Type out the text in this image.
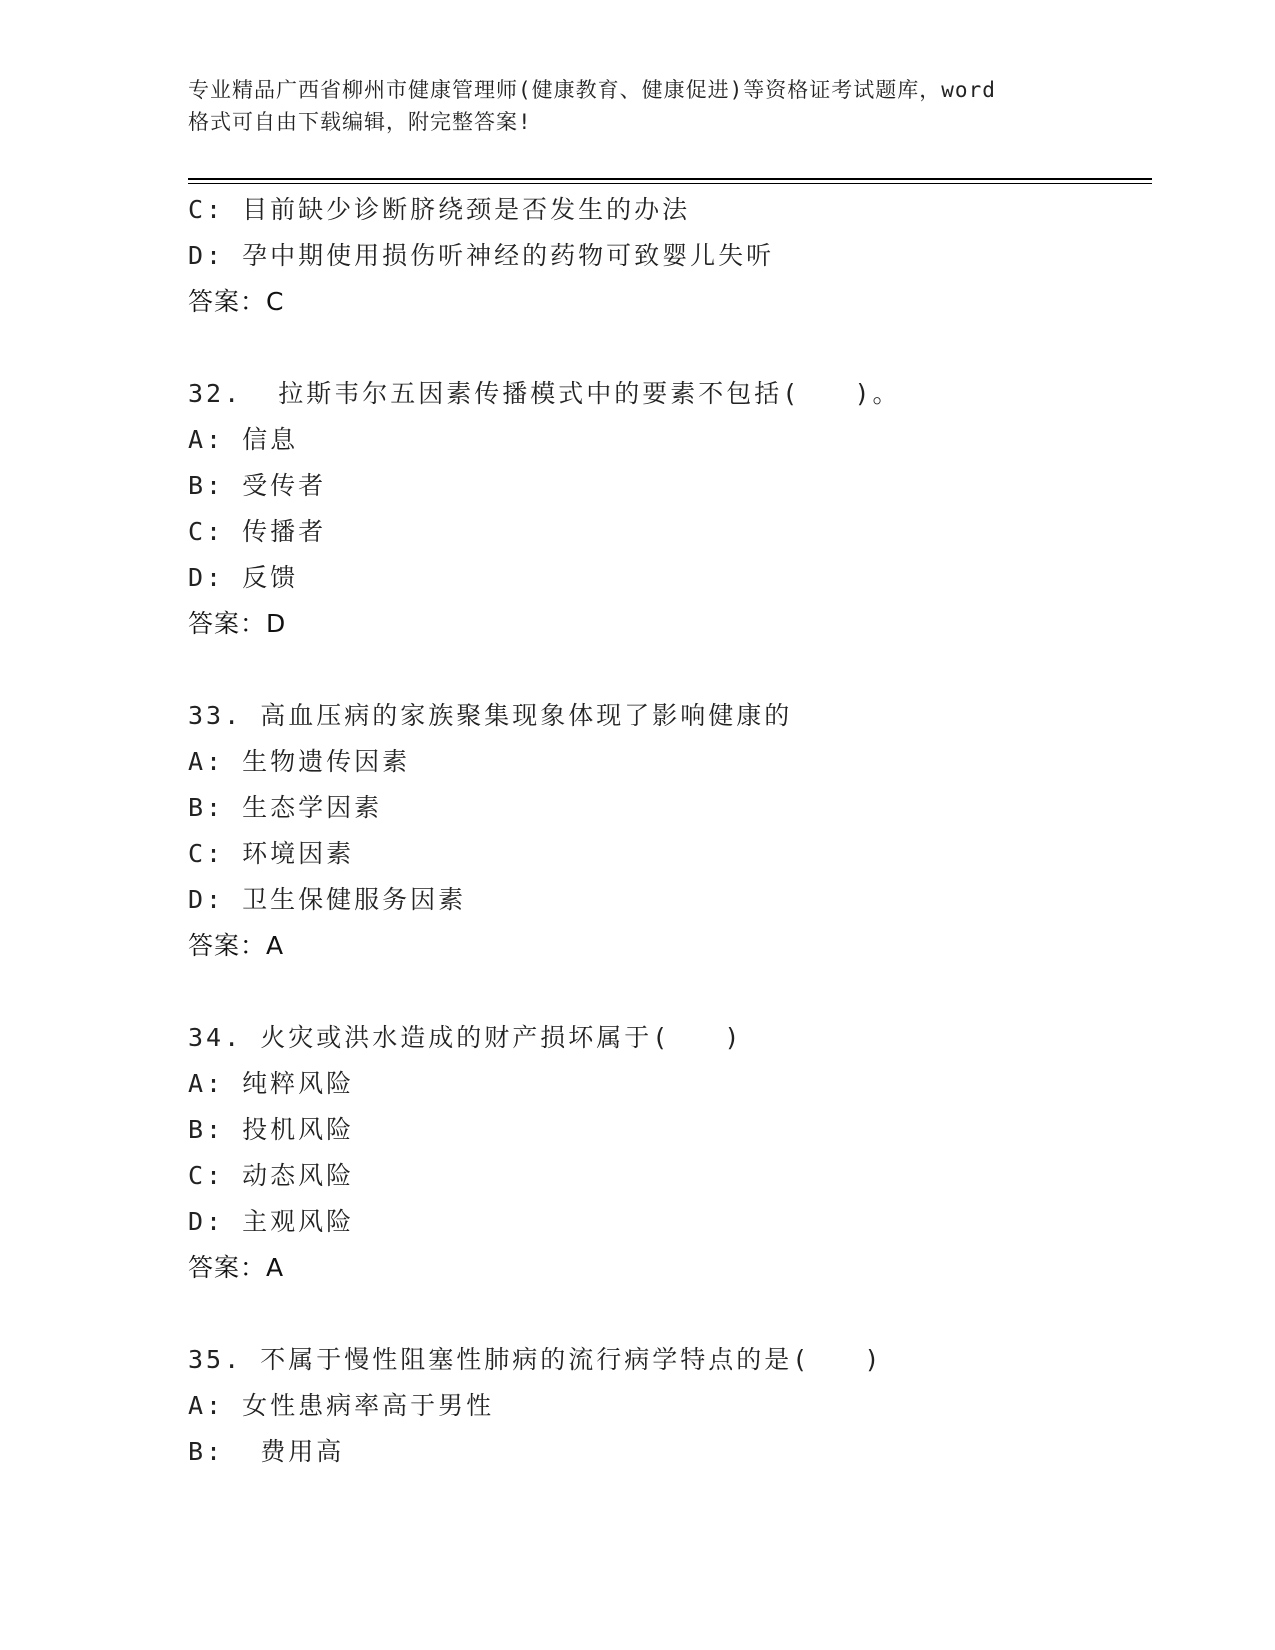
专业精品广西省柳州市健康管理师(健康教育、健康促进)等资格证考试题库，word
格式可自由下载编辑，附完整答案!
C: 目前缺少诊断脐绕颈是否发生的办法
D: 孕中期使用损伤听神经的药物可致婴儿失听
答案：C
32.  拉斯韦尔五因素传播模式中的要素不包括(   )。
A: 信息
B: 受传者
C: 传播者
D: 反馈
答案：D
33. 高血压病的家族聚集现象体现了影响健康的
A: 生物遗传因素
B: 生态学因素
C: 环境因素
D: 卫生保健服务因素
答案：A
34. 火灾或洪水造成的财产损坏属于(   )
A: 纯粹风险
B: 投机风险
C: 动态风险
D: 主观风险
答案：A
35. 不属于慢性阻塞性肺病的流行病学特点的是(   )
A: 女性患病率高于男性
B:  费用高
